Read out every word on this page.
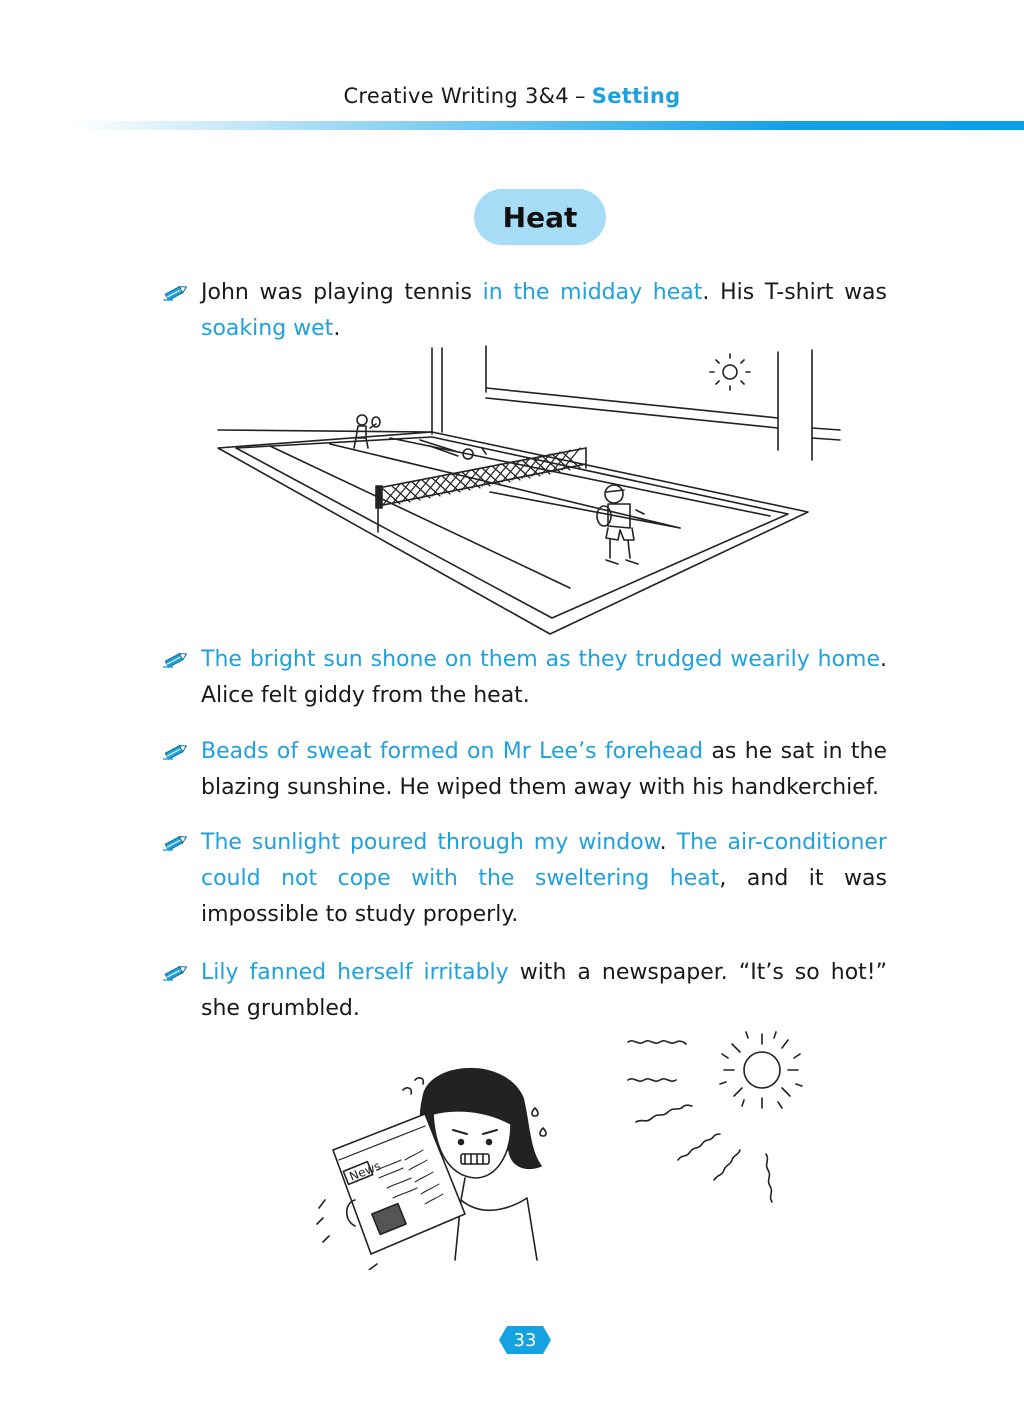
Creative Writing 3&4 – Setting
Heat
John was playing tennis in the midday heat. His T-shirt was soaking wet.
The bright sun shone on them as they trudged wearily home. Alice felt giddy from the heat.
Beads of sweat formed on Mr Lee’s forehead as he sat in the blazing sunshine. He wiped them away with his handkerchief.
The sunlight poured through my window. The air-conditioner could not cope with the sweltering heat, and it was impossible to study properly.
Lily fanned herself irritably with a newspaper. “It’s so hot!” she grumbled.
News
33
